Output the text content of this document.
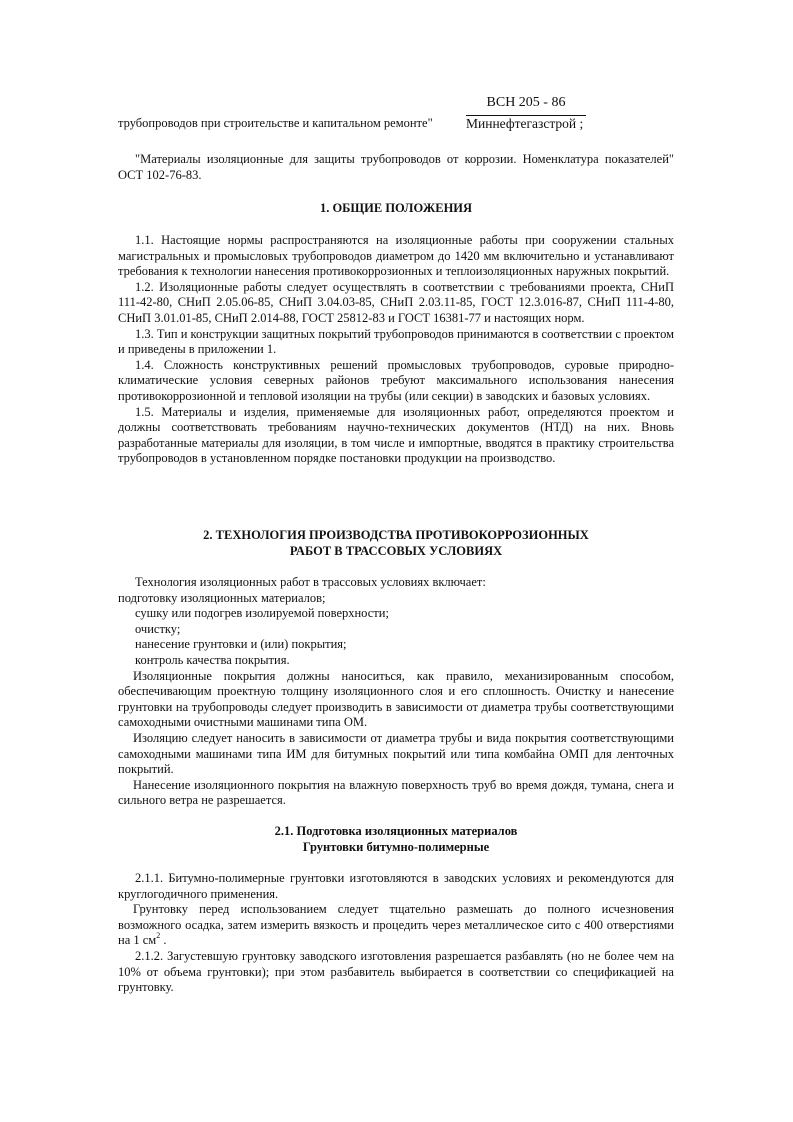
ВСН 205 - 86
трубопроводов при строительстве и капитальном ремонте" Миннефтегазстрой ;

"Материалы изоляционные для защиты трубопроводов от коррозии. Номенклатура показателей" ОСТ 102-76-83.

1. ОБЩИЕ ПОЛОЖЕНИЯ

1.1. Настоящие нормы распространяются на изоляционные работы при сооружении стальных магистральных и промысловых трубопроводов диаметром до 1420 мм включительно и устанавливают требования к технологии нанесения противокоррозионных и теплоизоляционных наружных покрытий.

1.2. Изоляционные работы следует осуществлять в соответствии с требованиями проекта, СНиП 111-42-80, СНиП 2.05.06-85, СНиП 3.04.03-85, СНиП 2.03.11-85, ГОСТ 12.3.016-87, СНиП 111-4-80, СНиП 3.01.01-85, СНиП 2.014-88, ГОСТ 25812-83 и ГОСТ 16381-77 и настоящих норм.

1.3. Тип и конструкции защитных покрытий трубопроводов принимаются в соответствии с проектом и приведены в приложении 1.

1.4. Сложность конструктивных решений промысловых трубопроводов, суровые природно-климатические условия северных районов требуют максимального использования нанесения противокоррозионной и тепловой изоляции на трубы (или секции) в заводских и базовых условиях.

1.5. Материалы и изделия, применяемые для изоляционных работ, определяются проектом и должны соответствовать требованиям научно-технических документов (НТД) на них. Вновь разработанные материалы для изоляции, в том числе и импортные, вводятся в практику строительства трубопроводов в установленном порядке постановки продукции на производство.

2. ТЕХНОЛОГИЯ ПРОИЗВОДСТВА ПРОТИВОКОРРОЗИОННЫХ
РАБОТ В ТРАССОВЫХ УСЛОВИЯХ

Технология изоляционных работ в трассовых условиях включает:

подготовку изоляционных материалов;

сушку или подогрев изолируемой поверхности;

очистку;

нанесение грунтовки и (или) покрытия;

контроль качества покрытия.

Изоляционные покрытия должны наноситься, как правило, механизированным способом, обеспечивающим проектную толщину изоляционного слоя и его сплошность. Очистку и нанесение грунтовки на трубопроводы следует производить в зависимости от диаметра трубы соответствующими самоходными очистными машинами типа ОМ.

Изоляцию следует наносить в зависимости от диаметра трубы и вида покрытия соответствующими самоходными машинами типа ИМ для битумных покрытий или типа комбайна ОМП для ленточных покрытий.

Нанесение изоляционного покрытия на влажную поверхность труб во время дождя, тумана, снега и сильного ветра не разрешается.

2.1. Подготовка изоляционных материалов
Грунтовки битумно-полимерные

2.1.1. Битумно-полимерные грунтовки изготовляются в заводских условиях и рекомендуются для круглогодичного применения.

Грунтовку перед использованием следует тщательно размешать до полного исчезновения возможного осадка, затем измерить вязкость и процедить через металлическое сито с 400 отверстиями на 1 $см^2$ .

2.1.2. Загустевшую грунтовку заводского изготовления разрешается разбавлять (но не более чем на 10% от объема грунтовки); при этом разбавитель выбирается в соответствии со спецификацией на грунтовку.
